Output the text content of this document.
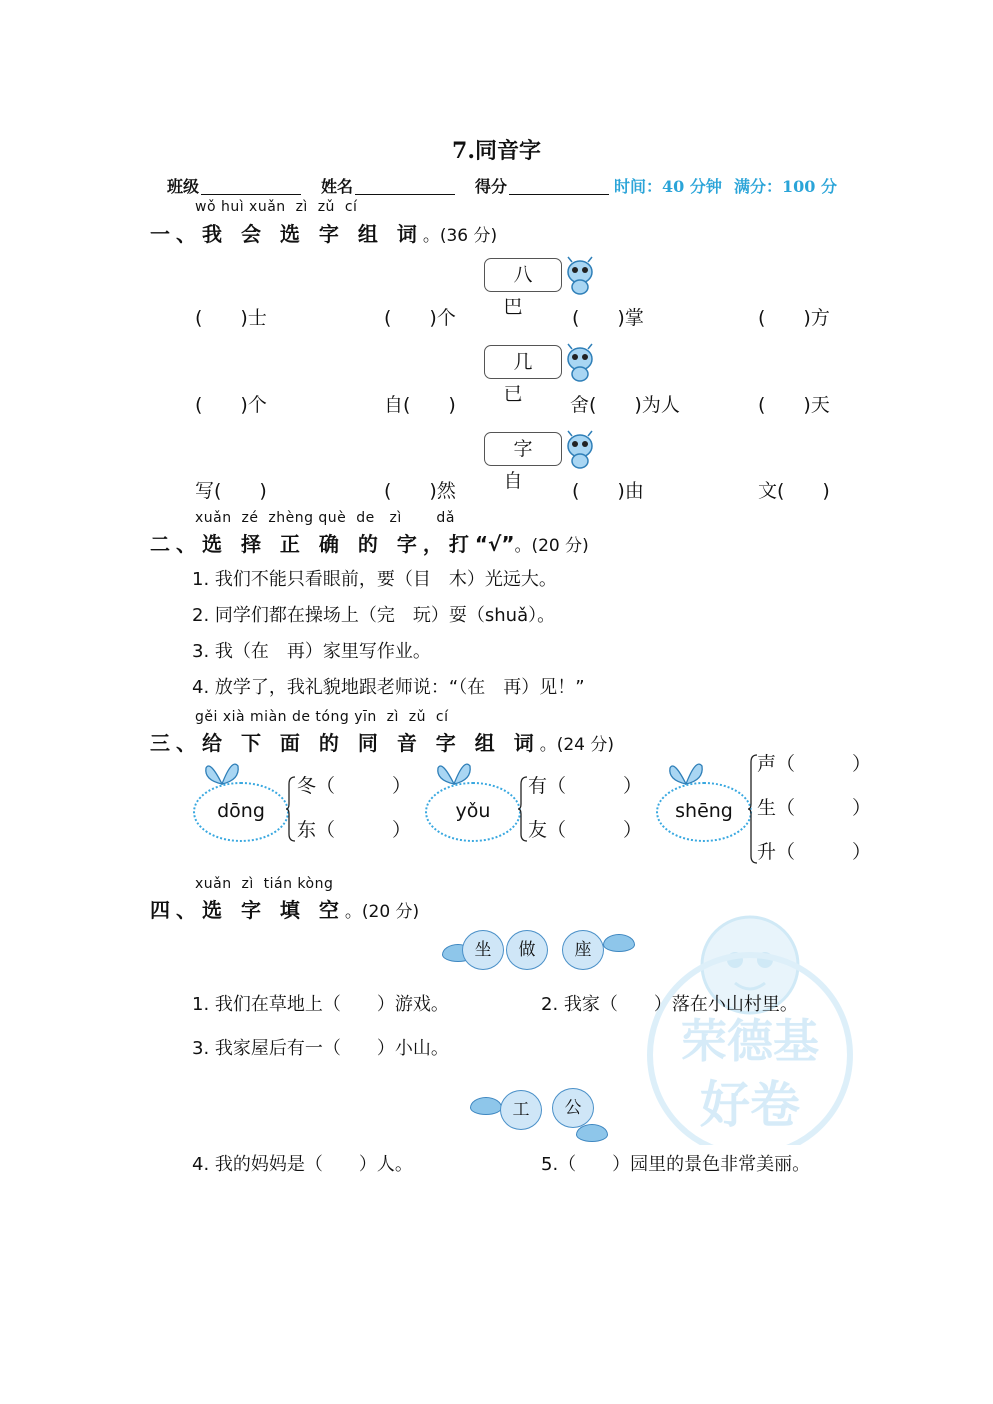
荣德基
好卷
7.同音字
班级	姓名	得分	时间：40 分钟 满分：100 分
wǒ huì xuǎn  zì  zǔ  cí
一、我 会 选 字 组 词。(36 分)
八巴
(　　)士	(　　)个	(　　)掌	(　　)方
几已
(　　)个	自(　　)	舍(　　)为人	(　　)天
字自
写(　　)	(　　)然	(　　)由	文(　　)
xuǎn  zé  zhèng què  de   zì       dǎ
二、选 择 正 确 的 字，打“√”。(20 分)
1. 我们不能只看眼前，要（目　木）光远大。
2. 同学们都在操场上（完　玩）耍（shuǎ）。
3. 我（在　再）家里写作业。
4. 放学了，我礼貌地跟老师说：“（在　再）见！”
gěi xià miàn de tóng yīn  zì  zǔ  cí
三、给 下 面 的 同 音 字 组 词。(24 分)
dōng
冬（　　　）
东（　　　）
yǒu
有（　　　）
友（　　　）
shēng
声（　　　）
生（　　　）
升（　　　）
xuǎn  zì  tián kòng
四、选 字 填 空。(20 分)
坐	做	座
1. 我们在草地上（　　）游戏。	2. 我家（　　）落在小山村里。
3. 我家屋后有一（　　）小山。
工	公
4. 我的妈妈是（　　）人。	5.（　　）园里的景色非常美丽。
